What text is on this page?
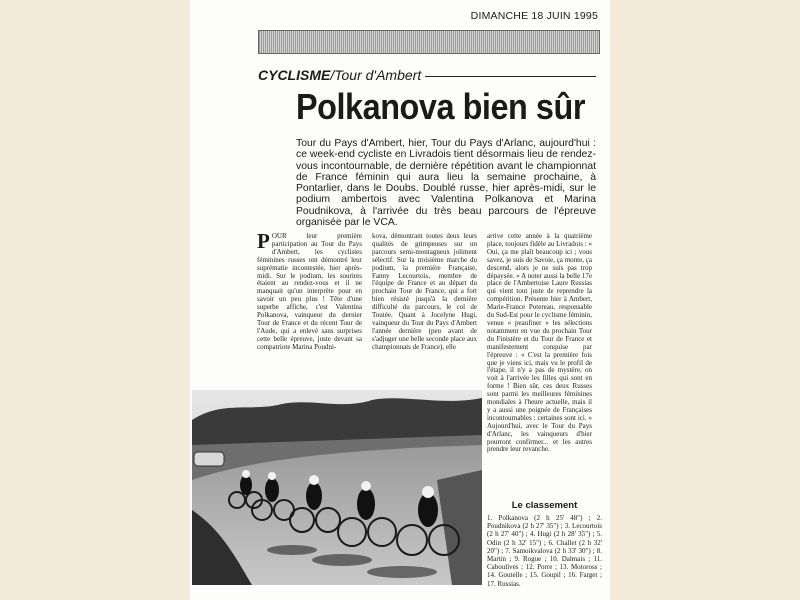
DIMANCHE 18 JUIN 1995
CYCLISME /Tour d'Ambert
Polkanova bien sûr
Tour du Pays d'Ambert, hier, Tour du Pays d'Arlanc, aujourd'hui : ce week-end cycliste en Livradois tient désormais lieu de rendez-vous incontournable, de dernière répétition avant le championnat de France féminin qui aura lieu la semaine prochaine, à Pontarlier, dans le Doubs. Doublé russe, hier après-midi, sur le podium ambertois avec Valentina Polkanova et Marina Poudnikova, à l'arrivée du très beau parcours de l'épreuve organisée par le VCA.
POUR leur première participation au Tour du Pays d'Ambert, les cyclistes féminines russes ont démontré leur suprématie incontestée, hier après-midi. Sur le podium, les sourires étaient au rendez-vous et il ne manquait qu'un interprète pour en savoir un peu plus ! Tête d'une superbe affiche, c'est Valentina Polkanova, vainqueur du dernier Tour de France et du récent Tour de l'Aude, qui a enlevé sans surprises cette belle épreuve, juste devant sa compatriote Marina Poudni-
kova, démontrant toutes deux leurs qualités de grimpeuses sur un parcours semi-montagneux joliment sélectif. Sur la troisième marche du podium, la première Française, Fanny Lecourtois, membre de l'équipe de France et au départ du prochain Tour de France, qui a fort bien résisté jusqu'à la dernière difficulté du parcours, le col de Toutée. Quant à Jocelyne Hugi, vainqueur du Tour du Pays d'Ambert l'année dernière (peu avant de s'adjuger une belle seconde place aux championnats de France), elle
arrive cette année à la quatrième place, toujours fidèle au Livradois : « Oui, ça me plaît beaucoup ici ; vous savez, je suis de Savoie, ça monte, ça descend, alors je ne suis pas trop dépaysée. » A noter aussi la belle 17e place de l'Ambertoise Laure Russias qui vient tout juste de reprendre la compétition. Présente hier à Ambert, Marie-France Potereau, responsable du Sud-Est pour le cyclisme féminin, venue « peaufiner » les sélections notamment en vue du prochain Tour du Finistère et du Tour de France et manifestement conquise par l'épreuve : « C'est la première fois que je viens ici, mais vu le profil de l'étape, il n'y a pas de mystère, on voit à l'arrivée les filles qui sont en forme ! Bien sûr, ces deux Russes sont parmi les meilleures féminines mondiales à l'heure actuelle, mais il y a aussi une poignée de Françaises incontournables : certaines sont ici. » Aujourd'hui, avec le Tour du Pays d'Arlanc, les vainqueurs d'hier pourront confirmer... et les autres prendre leur revanche.
Le classement
1. Polkanova (2 h 25' 48") ; 2. Poudnikova (2 h 27' 35") ; 3. Lecourtois (2 h 27' 40") ; 4. Hugi (2 h 28' 35") ; 5. Odin (2 h 32' 15") ; 6. Challet (2 h 32' 20") ; 7. Samoikvalova (2 h 33' 30") ; 8. Martin ; 9. Rogue ; 10. Dalmais ; 11. Caboulives ; 12. Porre ; 13. Motoross ; 14. Goutelle ; 15. Goupil ; 16. Farget ; 17. Russias.
